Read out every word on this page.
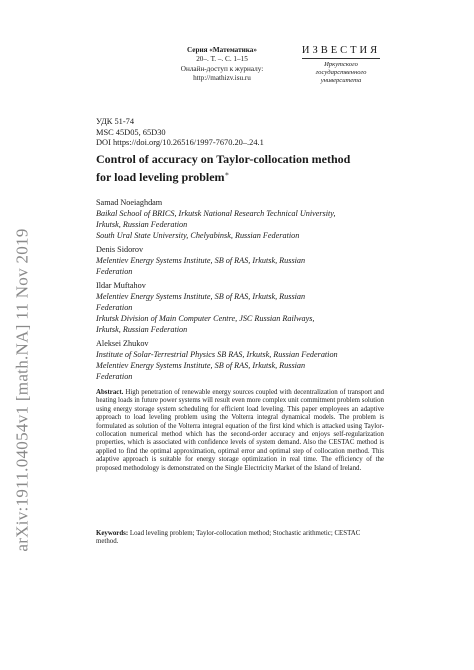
arXiv:1911.04054v1 [math.NA] 11 Nov 2019
Серия «Математика»
20–. Т. –. С. 1–15
Онлайн-доступ к журналу:
http://mathizv.isu.ru
ИЗВЕСТИЯ
Иркутского
государственного
университета
УДК 51-74
MSC 45D05, 65D30
DOI https://doi.org/10.26516/1997-7670.20–.24.1
Control of accuracy on Taylor-collocation method
for load leveling problem∗
Samad Noeiaghdam
Baikal School of BRICS, Irkutsk National Research Technical University,
Irkutsk, Russian Federation
South Ural State University, Chelyabinsk, Russian Federation
Denis Sidorov
Melentiev Energy Systems Institute, SB of RAS, Irkutsk, Russian
Federation
Ildar Muftahov
Melentiev Energy Systems Institute, SB of RAS, Irkutsk, Russian
Federation
Irkutsk Division of Main Computer Centre, JSC Russian Railways,
Irkutsk, Russian Federation
Aleksei Zhukov
Institute of Solar-Terrestrial Physics SB RAS, Irkutsk, Russian Federation
Melentiev Energy Systems Institute, SB of RAS, Irkutsk, Russian
Federation
Abstract. High penetration of renewable energy sources coupled with decentralization of transport and heating loads in future power systems will result even more complex unit commitment problem solution using energy storage system scheduling for efficient load leveling. This paper employees an adaptive approach to load leveling problem using the Volterra integral dynamical models. The problem is formulated as solution of the Volterra integral equation of the first kind which is attacked using Taylor-collocation numerical method which has the second-order accuracy and enjoys self-regularization properties, which is associated with confidence levels of system demand. Also the CESTAC method is applied to find the optimal approximation, optimal error and optimal step of collocation method. This adaptive approach is suitable for energy storage optimization in real time. The efficiency of the proposed methodology is demonstrated on the Single Electricity Market of the Island of Ireland.
Keywords: Load leveling problem; Taylor-collocation method; Stochastic arithmetic; CESTAC method.
